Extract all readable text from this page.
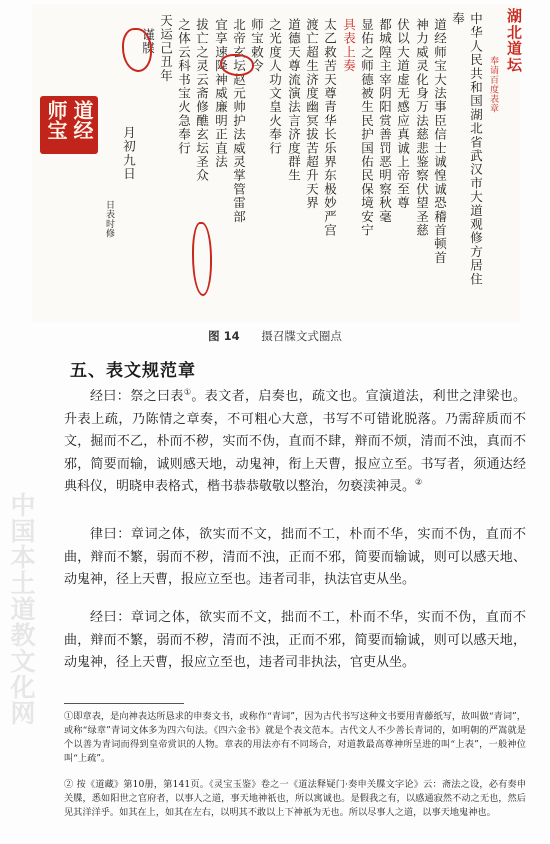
道经
师宝
湖北道坛
奉请百度表章
中华人民共和国湖北省武汉市大道观修方居住
奉
道经师宝大法事臣信士诚惶诚恐稽首顿首
神力威灵化身万法慈悲鉴察伏望圣慈
伏以大道虚无感应真诚上帝至尊
都城隍主宰阴阳赏善罚恶明察秋毫
显佑之师德被生民护国佑民保境安宁
具表上奏
太乙救苦天尊青华长乐界东极妙严宫
渡亡超生济度幽冥拔苦超升天界
道德天尊流演法言济度群生
之光度人功文皇火奉行
师宝敕令
北帝玄坛赵元帅护法威灵掌管雷部
宜享速降神威廉明正直法
拔亡之灵云斋修醮玄坛圣众
之体云科书宝火急奉行
天运己丑年
谨牒
月初九日
日表时修
图 14 摄召牒文式圈点
五、表文规范章

经曰：祭之曰表①。表文者，启奏也，疏文也。宣演道法，利世之津梁也。升表上疏，乃陈情之章奏，不可粗心大意，书写不可错讹脱落。乃需辞质而不文，掘而不乙，朴而不秽，实而不伪，直而不肆，辩而不烦，清而不浊，真而不邪，简要而输，诚则感天地，动鬼神，衔上天曹，报应立至。书写者，须通达经典科仪，明晓申表格式，楷书恭恭敬敬以整治，勿亵渎神灵。②

律曰：章词之体，欲实而不文，拙而不工，朴而不华，实而不伪，直而不曲，辩而不繁，弱而不秽，清而不浊，正而不邪，简要而输诚，则可以感天地、动鬼神，径上天曹，报应立至也。违者司非，执法官吏从坐。

经曰：章词之体，欲实而不文，拙而不工，朴而不华，实而不伪，直而不曲，辩而不繁，弱而不秽，清而不浊，正而不邪，简要而输诚，则可以感天地，动鬼神，径上天曹，报应立至也，违者司非执法，官吏从坐。

中国本土道教文化网	①即章表，是向神表达所恳求的申奏文书，或称作“青词”，因为古代书写这种文书要用青藤纸写，故叫做“青词”，或称“绿章”青词文体多为四六句法。《四六金书》就是个表文范本。古代文人不少善长青词的，如明朝的严嵩就是个以善为青词而得到皇帝赏识的人物。章表的用法亦有不同场合，对道教最高尊神所呈进的叫“上表”，一般神位叫“上疏”。

② 按《道藏》第10册，第141页。《灵宝玉鉴》卷之一《道法释疑门·奏申关牒文字论》云：斋法之设，必有奏申关牒，悉如阳世之官府者，以事人之道，事天地神祇也，所以寓诚也。是假我之有，以感通寂然不动之无也，然后见其洋洋乎。如其在上，如其在左右，以明其不敢以上下神祇为无也。所以尽事人之道，以事天地鬼神也。
